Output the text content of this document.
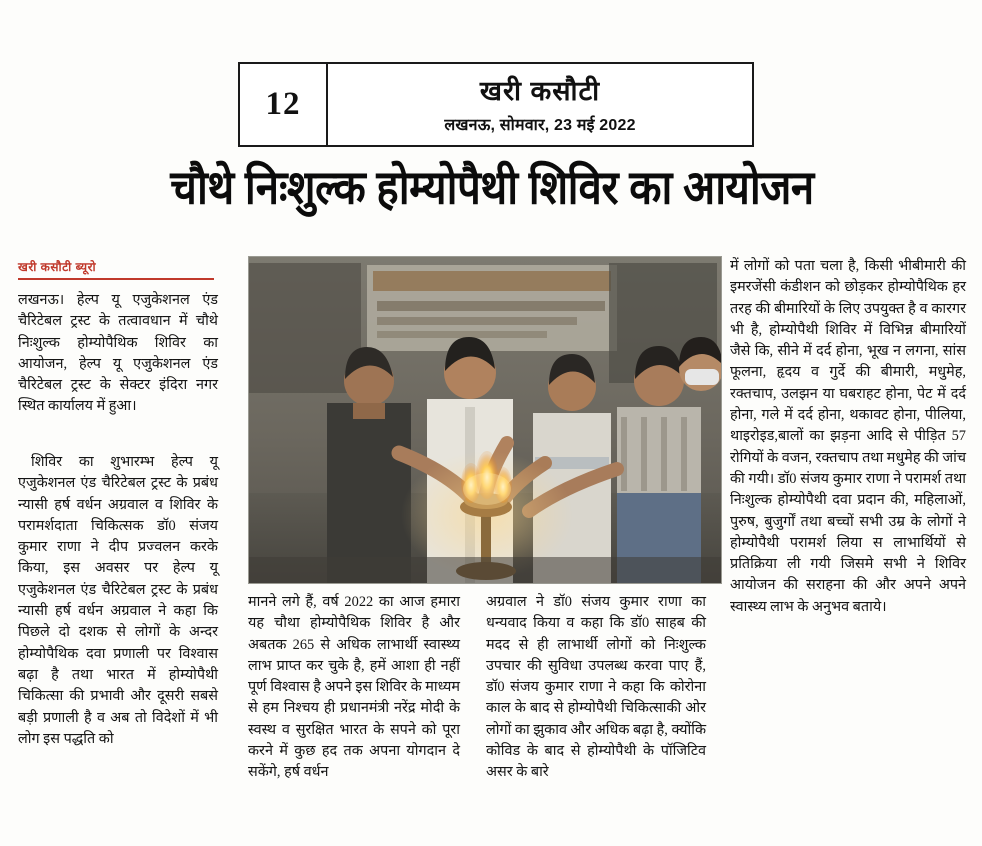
12	खरी कसौटी
लखनऊ, सोमवार, 23 मई 2022
चौथे निःशुल्क होम्योपैथी शिविर का आयोजन
खरी कसौटी ब्यूरो

लखनऊ। हेल्प यू एजुकेशनल एंड चैरिटेबल ट्रस्ट के तत्वावधान में चौथे निःशुल्क होम्योपैथिक शिविर का आयोजन, हेल्प यू एजुकेशनल एंड चैरिटेबल ट्रस्ट के सेक्टर इंदिरा नगर स्थित कार्यालय में हुआ।

शिविर का शुभारम्भ हेल्प यू एजुकेशनल एंड चैरिटेबल ट्रस्ट के प्रबंध न्यासी हर्ष वर्धन अग्रवाल व शिविर के परामर्शदाता चिकित्सक डॉ0 संजय कुमार राणा ने दीप प्रज्वलन करके किया, इस अवसर पर हेल्प यू एजुकेशनल एंड चैरिटेबल ट्रस्ट के प्रबंध न्यासी हर्ष वर्धन अग्रवाल ने कहा कि पिछले दो दशक से लोगों के अन्दर होम्योपैथिक दवा प्रणाली पर विश्वास बढ़ा है तथा भारत में होम्योपैथी चिकित्सा की प्रभावी और दूसरी सबसे बड़ी प्रणाली है व अब तो विदेशों में भी लोग इस पद्धति को

मानने लगे हैं, वर्ष 2022 का आज हमारा यह चौथा होम्योपैथिक शिविर है और अबतक 265 से अधिक लाभार्थी स्वास्थ्य लाभ प्राप्त कर चुके है, हमें आशा ही नहीं पूर्ण विश्वास है अपने इस शिविर के माध्यम से हम निश्चय ही प्रधानमंत्री नरेंद्र मोदी के स्वस्थ व सुरक्षित भारत के सपने को पूरा करने में कुछ हद तक अपना योगदान दे सकेंगे, हर्ष वर्धन

अग्रवाल ने डॉ0 संजय कुमार राणा का धन्यवाद किया व कहा कि डॉ0 साहब की मदद से ही लाभार्थी लोगों को निःशुल्क उपचार की सुविधा उपलब्ध करवा पाए हैं, डॉ0 संजय कुमार राणा ने कहा कि कोरोना काल के बाद से होम्योपैथी चिकित्साकी ओर लोगों का झुकाव और अधिक बढ़ा है, क्योंकि कोविड के बाद से होम्योपैथी के पॉजिटिव असर के बारे

में लोगों को पता चला है, किसी भीबीमारी की इमरजेंसी कंडीशन को छोड़कर होम्योपैथिक हर तरह की बीमारियों के लिए उपयुक्त है व कारगर भी है, होम्योपैथी शिविर में विभिन्न बीमारियों जैसे कि, सीने में दर्द होना, भूख न लगना, सांस फूलना, हृदय व गुर्दे की बीमारी, मधुमेह, रक्तचाप, उलझन या घबराहट होना, पेट में दर्द होना, गले में दर्द होना, थकावट होना, पीलिया, थाइरोइड,बालों का झड़ना आदि से पीड़ित 57 रोगियों के वजन, रक्तचाप तथा मधुमेह की जांच की गयी। डॉ0 संजय कुमार राणा ने परामर्श तथा निःशुल्क होम्योपैथी दवा प्रदान की, महिलाओं, पुरुष, बुजुर्गों तथा बच्चों सभी उम्र के लोगों ने होम्योपैथी परामर्श लिया स लाभार्थियों से प्रतिक्रिया ली गयी जिसमे सभी ने शिविर आयोजन की सराहना की और अपने अपने स्वास्थ्य लाभ के अनुभव बताये।
